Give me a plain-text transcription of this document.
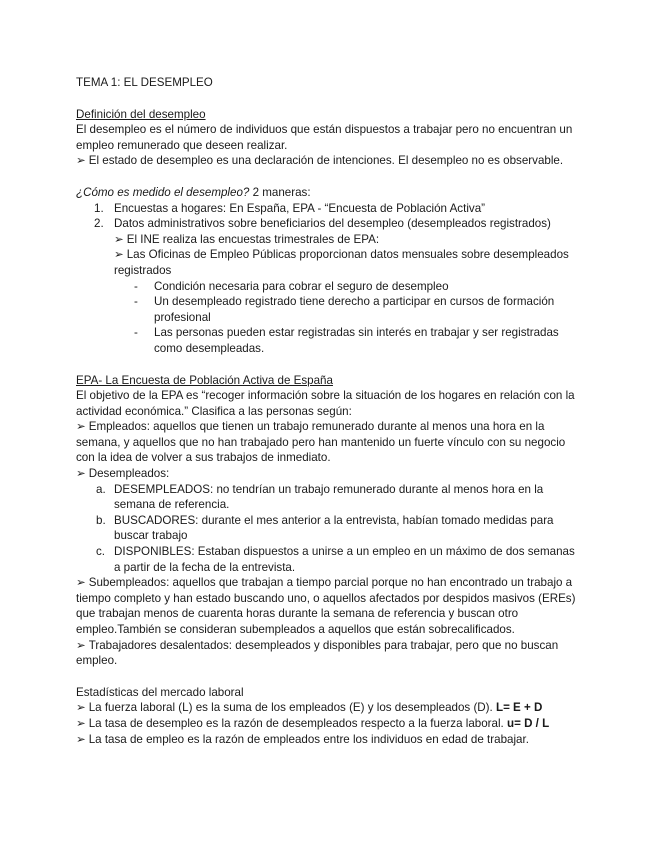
TEMA 1: EL DESEMPLEO
Definición del desempleo
El desempleo es el número de individuos que están dispuestos a trabajar pero no encuentran un empleo remunerado que deseen realizar.
➢ El estado de desempleo es una declaración de intenciones. El desempleo no es observable.
¿Cómo es medido el desempleo? 2 maneras:
1. Encuestas a hogares: En España, EPA - “Encuesta de Población Activa”
2. Datos administrativos sobre beneficiarios del desempleo (desempleados registrados)
➢ El INE realiza las encuestas trimestrales de EPA:
➢ Las Oficinas de Empleo Públicas proporcionan datos mensuales sobre desempleados registrados
- Condición necesaria para cobrar el seguro de desempleo
- Un desempleado registrado tiene derecho a participar en cursos de formación profesional
- Las personas pueden estar registradas sin interés en trabajar y ser registradas como desempleadas.
EPA- La Encuesta de Población Activa de España
El objetivo de la EPA es “recoger información sobre la situación de los hogares en relación con la actividad económica.” Clasifica a las personas según:
➢ Empleados: aquellos que tienen un trabajo remunerado durante al menos una hora en la semana, y aquellos que no han trabajado pero han mantenido un fuerte vínculo con su negocio con la idea de volver a sus trabajos de inmediato.
➢ Desempleados:
a. DESEMPLEADOS: no tendrían un trabajo remunerado durante al menos hora en la semana de referencia.
b. BUSCADORES: durante el mes anterior a la entrevista, habían tomado medidas para buscar trabajo
c. DISPONIBLES: Estaban dispuestos a unirse a un empleo en un máximo de dos semanas a partir de la fecha de la entrevista.
➢ Subempleados: aquellos que trabajan a tiempo parcial porque no han encontrado un trabajo a tiempo completo y han estado buscando uno, o aquellos afectados por despidos masivos (EREs) que trabajan menos de cuarenta horas durante la semana de referencia y buscan otro empleo.También se consideran subempleados a aquellos que están sobrecalificados.
➢ Trabajadores desalentados: desempleados y disponibles para trabajar, pero que no buscan empleo.
Estadísticas del mercado laboral
➢ La fuerza laboral (L) es la suma de los empleados (E) y los desempleados (D). L= E + D
➢ La tasa de desempleo es la razón de desempleados respecto a la fuerza laboral. u= D / L
➢ La tasa de empleo es la razón de empleados entre los individuos en edad de trabajar.
